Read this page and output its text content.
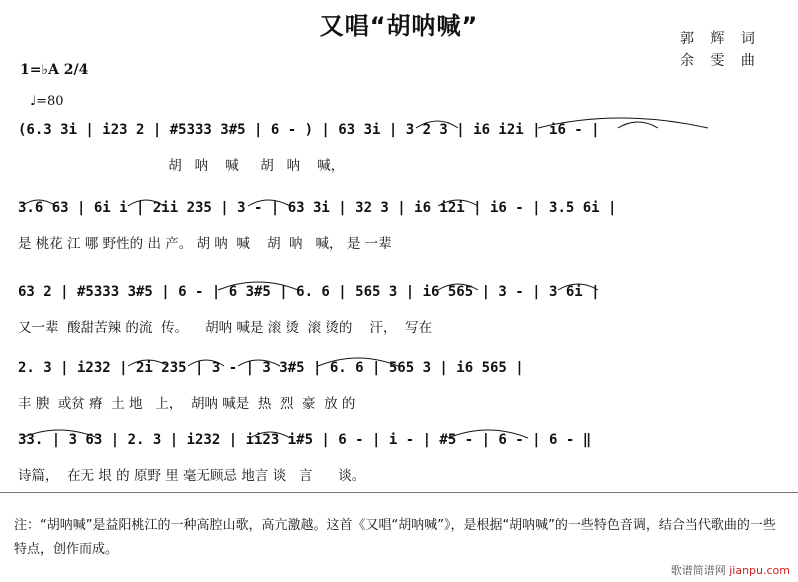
又唱“胡呐喊”	郭 辉 词
余 雯 曲
1=♭A 2/4
♩=80
(6.3 3i | i23 2 | #5333 3#5 | 6 - ) | 63 3i | 3 2 3 | i6 i2i | i6 - |
胡   呐    喊     胡   呐    喊，
3.6 63 | 6i i | 2ii 235 | 3 - | 63 3i | 32 3 | i6 i2i | i6 - | 3.5 6i |
是 桃花 江 哪 野性的 出 产。 胡 呐  喊    胡  呐   喊， 是 一辈
63 2 | #5333 3#5 | 6 - | 6 3#5 | 6. 6 | 565 3 | i6 565 | 3 - | 3 6i |
又一辈  酸甜苦辣 的流  传。    胡呐 喊是 滚 烫  滚 烫的    汗，  写在
2. 3 | i232 | 2i 235 | 3 - | 3 3#5 | 6. 6 | 565 3 | i6 565 |
丰 腴  或贫 瘠  土 地   上，  胡呐 喊是  热  烈  豪  放 的
33. | 3 63 | 2. 3 | i232 | ii23 i#5 | 6 - | i - | #5 - | 6 - | 6 - ‖
诗篇，  在无 垠 的 原野 里 毫无顾忌 地言 谈   言      谈。
注：“胡呐喊”是益阳桃江的一种高腔山歌，高亢激越。这首《又唱“胡呐喊”》，是根据“胡呐喊”的一些特色音调，结合当代歌曲的一些特点，创作而成。
歌谱简谱网 jianpu.com
